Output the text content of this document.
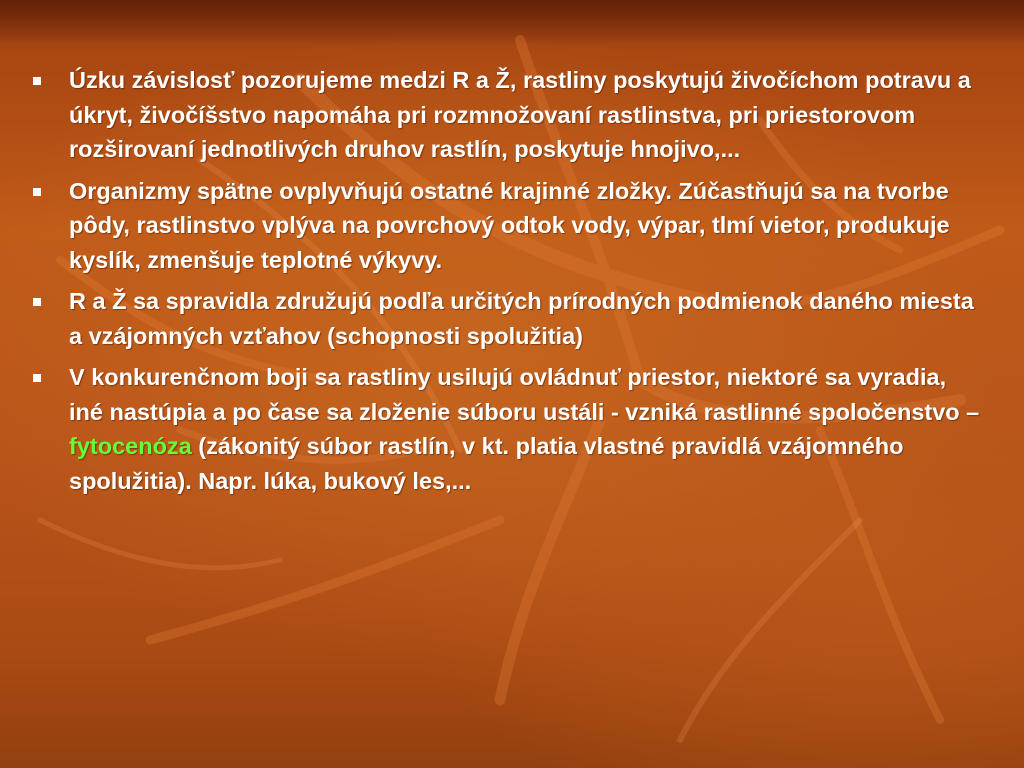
Úzku závislosť pozorujeme medzi R a Ž, rastliny poskytujú živočíchom potravu a úkryt, živočíšstvo napomáha pri rozmnožovaní rastlinstva, pri priestorovom rozširovaní jednotlivých druhov rastlín, poskytuje hnojivo,...
Organizmy spätne ovplyvňujú ostatné krajinné zložky. Zúčastňujú sa na tvorbe pôdy, rastlinstvo vplýva na povrchový odtok vody, výpar, tlmí vietor, produkuje kyslík, zmenšuje teplotné výkyvy.
R a Ž sa spravidla združujú podľa určitých prírodných podmienok daného miesta a vzájomných vzťahov (schopnosti spolužitia)
V konkurenčnom boji sa rastliny usilujú ovládnuť priestor, niektoré sa vyradia, iné nastúpia a po čase sa zloženie súboru ustáli - vzniká rastlinné spoločenstvo – fytocenóza (zákonitý súbor rastlín, v kt. platia vlastné pravidlá vzájomného spolužitia). Napr. lúka, bukový les,...
